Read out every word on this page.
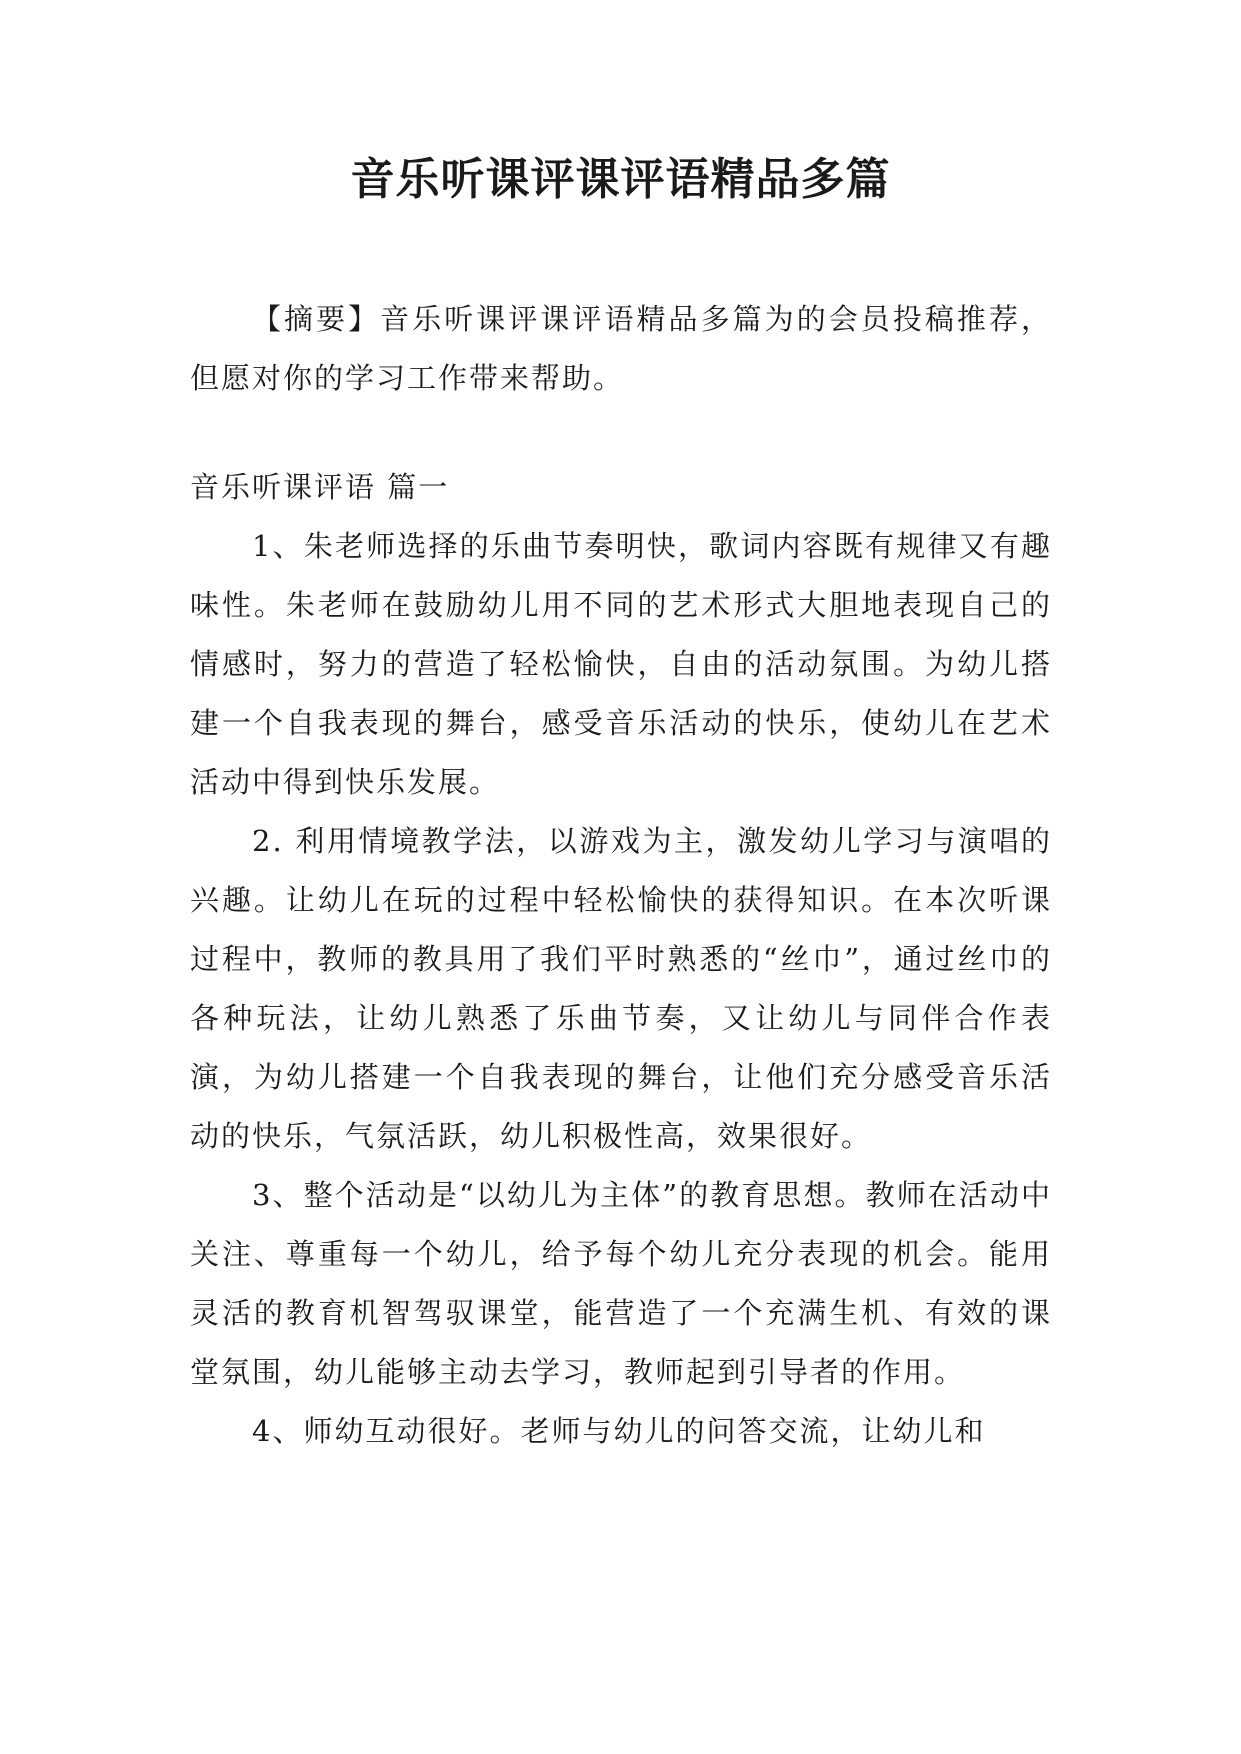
音乐听课评课评语精品多篇

【摘要】音乐听课评课评语精品多篇为的会员投稿推荐，但愿对你的学习工作带来帮助。

音乐听课评语 篇一

1、朱老师选择的乐曲节奏明快，歌词内容既有规律又有趣味性。朱老师在鼓励幼儿用不同的艺术形式大胆地表现自己的情感时，努力的营造了轻松愉快，自由的活动氛围。为幼儿搭建一个自我表现的舞台，感受音乐活动的快乐，使幼儿在艺术活动中得到快乐发展。

2. 利用情境教学法，以游戏为主，激发幼儿学习与演唱的兴趣。让幼儿在玩的过程中轻松愉快的获得知识。在本次听课过程中，教师的教具用了我们平时熟悉的“丝巾”，通过丝巾的各种玩法，让幼儿熟悉了乐曲节奏，又让幼儿与同伴合作表演，为幼儿搭建一个自我表现的舞台，让他们充分感受音乐活动的快乐，气氛活跃，幼儿积极性高，效果很好。

3、整个活动是“以幼儿为主体”的教育思想。教师在活动中关注、尊重每一个幼儿，给予每个幼儿充分表现的机会。能用灵活的教育机智驾驭课堂，能营造了一个充满生机、有效的课堂氛围，幼儿能够主动去学习，教师起到引导者的作用。

4、师幼互动很好。老师与幼儿的问答交流，让幼儿和
